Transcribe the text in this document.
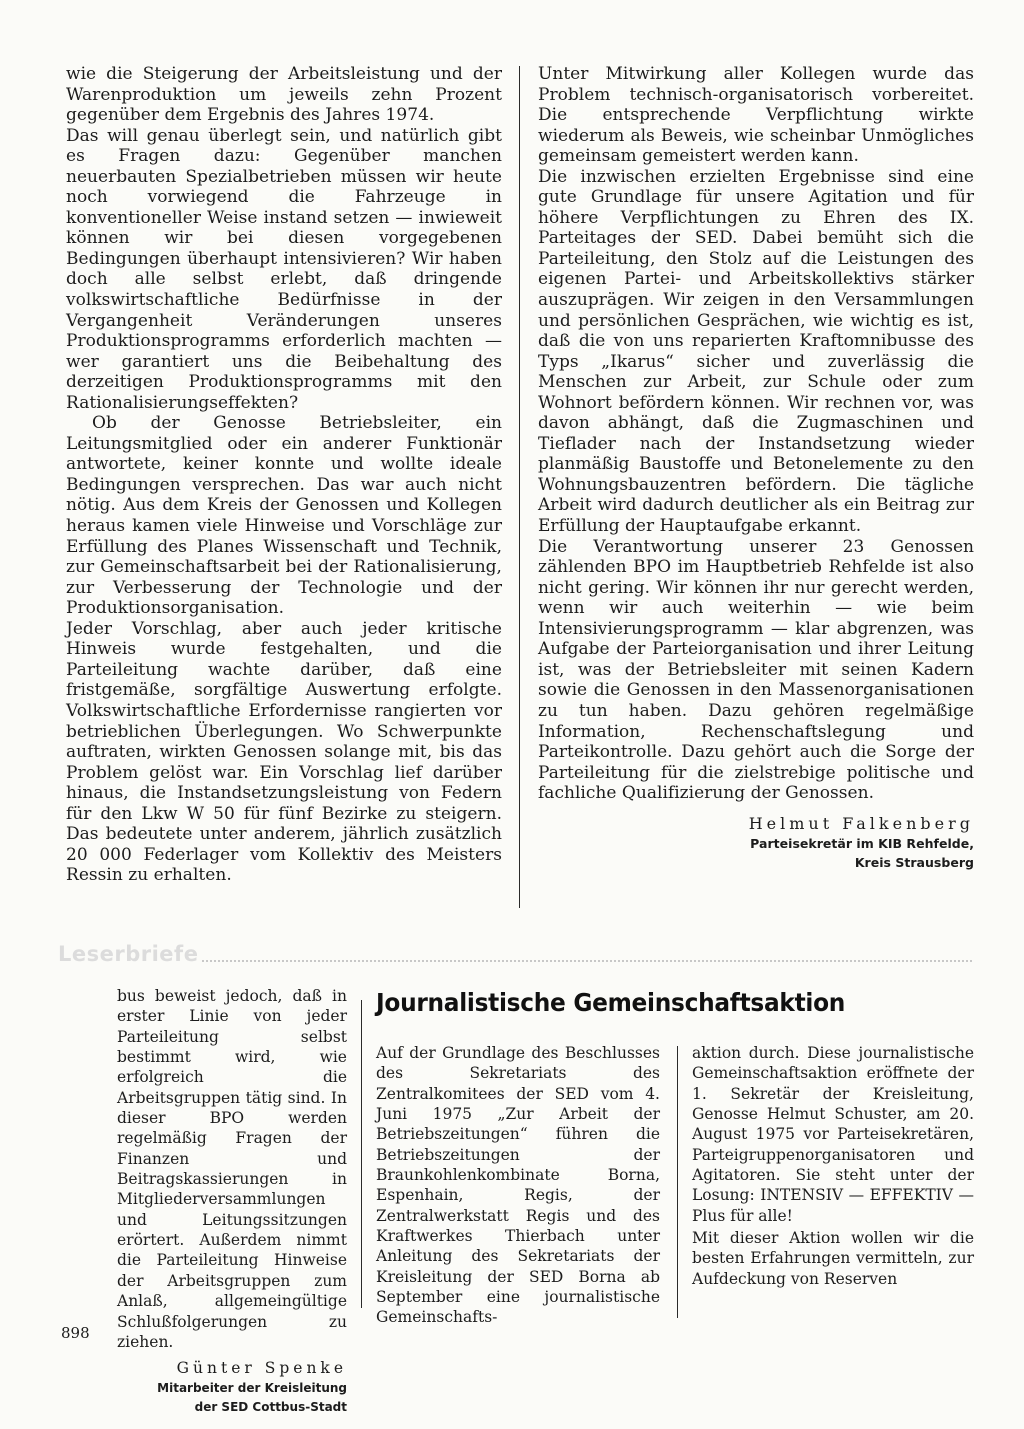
wie die Steigerung der Arbeitsleistung und der Warenproduktion um jeweils zehn Prozent gegenüber dem Ergebnis des Jahres 1974.

Das will genau überlegt sein, und natürlich gibt es Fragen dazu: Gegenüber manchen neuerbauten Spezialbetrieben müssen wir heute noch vorwiegend die Fahrzeuge in konventioneller Weise instand setzen — inwieweit können wir bei diesen vorgegebenen Bedingungen überhaupt intensivieren? Wir haben doch alle selbst erlebt, daß dringende volkswirtschaftliche Bedürfnisse in der Vergangenheit Veränderungen unseres Produktionsprogramms erforderlich machten — wer garantiert uns die Beibehaltung des derzeitigen Produktionsprogramms mit den Rationalisierungseffekten?

Ob der Genosse Betriebsleiter, ein Leitungsmitglied oder ein anderer Funktionär antwortete, keiner konnte und wollte ideale Bedingungen versprechen. Das war auch nicht nötig. Aus dem Kreis der Genossen und Kollegen heraus kamen viele Hinweise und Vorschläge zur Erfüllung des Planes Wissenschaft und Technik, zur Gemeinschaftsarbeit bei der Rationalisierung, zur Verbesserung der Technologie und der Produktionsorganisation.

Jeder Vorschlag, aber auch jeder kritische Hinweis wurde festgehalten, und die Parteileitung wachte darüber, daß eine fristgemäße, sorgfältige Auswertung erfolgte. Volkswirtschaftliche Erfordernisse rangierten vor betrieblichen Überlegungen. Wo Schwerpunkte auftraten, wirkten Genossen solange mit, bis das Problem gelöst war. Ein Vorschlag lief darüber hinaus, die Instandsetzungsleistung von Federn für den Lkw W 50 für fünf Bezirke zu steigern. Das bedeutete unter anderem, jährlich zusätzlich 20 000 Federlager vom Kollektiv des Meisters Ressin zu erhalten.

Unter Mitwirkung aller Kollegen wurde das Problem technisch-organisatorisch vorbereitet. Die entsprechende Verpflichtung wirkte wiederum als Beweis, wie scheinbar Unmögliches gemeinsam gemeistert werden kann.

Die inzwischen erzielten Ergebnisse sind eine gute Grundlage für unsere Agitation und für höhere Verpflichtungen zu Ehren des IX. Parteitages der SED. Dabei bemüht sich die Parteileitung, den Stolz auf die Leistungen des eigenen Partei- und Arbeitskollektivs stärker auszuprägen. Wir zeigen in den Versammlungen und persönlichen Gesprächen, wie wichtig es ist, daß die von uns reparierten Kraftomnibusse des Typs „Ikarus“ sicher und zuverlässig die Menschen zur Arbeit, zur Schule oder zum Wohnort befördern können. Wir rechnen vor, was davon abhängt, daß die Zugmaschinen und Tieflader nach der Instandsetzung wieder planmäßig Baustoffe und Betonelemente zu den Wohnungsbauzentren befördern. Die tägliche Arbeit wird dadurch deutlicher als ein Beitrag zur Erfüllung der Hauptaufgabe erkannt.

Die Verantwortung unserer 23 Genossen zählenden BPO im Hauptbetrieb Rehfelde ist also nicht gering. Wir können ihr nur gerecht werden, wenn wir auch weiterhin — wie beim Intensivierungsprogramm — klar abgrenzen, was Aufgabe der Parteiorganisation und ihrer Leitung ist, was der Betriebsleiter mit seinen Kadern sowie die Genossen in den Massenorganisationen zu tun haben. Dazu gehören regelmäßige Information, Rechenschaftslegung und Parteikontrolle. Dazu gehört auch die Sorge der Parteileitung für die zielstrebige politische und fachliche Qualifizierung der Genossen.

Helmut Falkenberg
Parteisekretär im KIB Rehfelde,
Kreis Strausberg
Leserbriefe

bus beweist jedoch, daß in erster Linie von jeder Parteileitung selbst bestimmt wird, wie erfolgreich die Arbeitsgruppen tätig sind. In dieser BPO werden regelmäßig Fragen der Finanzen und Beitragskassierungen in Mitgliederversammlungen und Leitungssitzungen erörtert. Außerdem nimmt die Parteileitung Hinweise der Arbeitsgruppen zum Anlaß, allgemeingültige Schlußfolgerungen zu ziehen.

Günter Spenke
Mitarbeiter der Kreisleitung
der SED Cottbus-Stadt
Journalistische Gemeinschaftsaktion

Auf der Grundlage des Beschlusses des Sekretariats des Zentralkomitees der SED vom 4. Juni 1975 „Zur Arbeit der Betriebszeitungen“ führen die Betriebszeitungen der Braunkohlenkombinate Borna, Espenhain, Regis, der Zentralwerkstatt Regis und des Kraftwerkes Thierbach unter Anleitung des Sekretariats der Kreisleitung der SED Borna ab September eine journalistische Gemeinschafts-

aktion durch. Diese journalistische Gemeinschaftsaktion eröffnete der 1. Sekretär der Kreisleitung, Genosse Helmut Schuster, am 20. August 1975 vor Parteisekretären, Parteigruppenorganisatoren und Agitatoren. Sie steht unter der Losung: INTENSIV — EFFEKTIV — Plus für alle!

Mit dieser Aktion wollen wir die besten Erfahrungen vermitteln, zur Aufdeckung von Reserven

898
